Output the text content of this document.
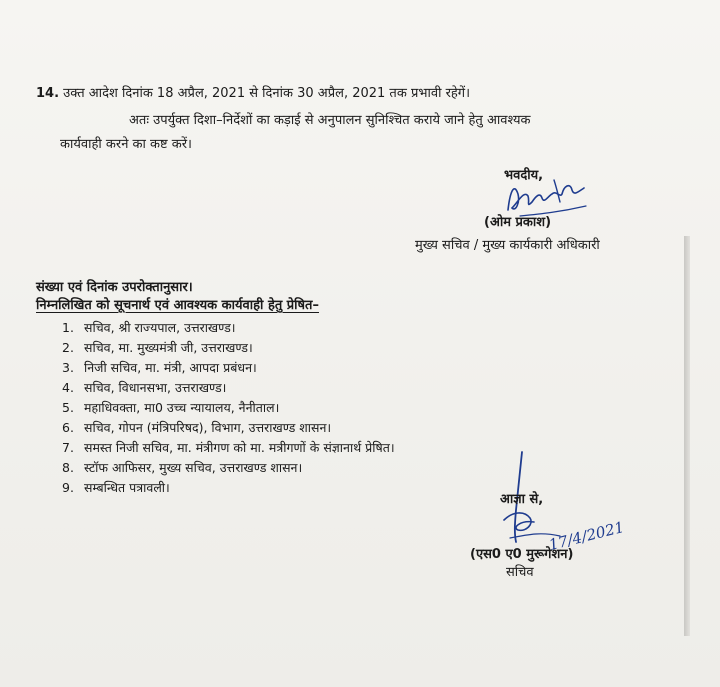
14. उक्त आदेश दिनांक 18 अप्रैल, 2021 से दिनांक 30 अप्रैल, 2021 तक प्रभावी रहेगें।
अतः उपर्युक्त दिशा–निर्देशों का कड़ाई से अनुपालन सुनिश्चित कराये जाने हेतु आवश्यक
कार्यवाही करने का कष्ट करें।
भवदीय,
(ओम प्रकाश)
मुख्य सचिव / मुख्य कार्यकारी अधिकारी
संख्या एवं दिनांक उपरोक्तानुसार।
निम्नलिखित को सूचनार्थ एवं आवश्यक कार्यवाही हेतु प्रेषित–
1. सचिव, श्री राज्यपाल, उत्तराखण्ड।
2. सचिव, मा. मुख्यमंत्री जी, उत्तराखण्ड।
3. निजी सचिव, मा. मंत्री, आपदा प्रबंधन।
4. सचिव, विधानसभा, उत्तराखण्ड।
5. महाधिवक्ता, मा0 उच्च न्यायालय, नैनीताल।
6. सचिव, गोपन (मंत्रिपरिषद), विभाग, उत्तराखण्ड शासन।
7. समस्त निजी सचिव, मा. मंत्रीगण को मा. मत्रीगणों के संज्ञानार्थ प्रेषित।
8. स्टॉफ आफिसर, मुख्य सचिव, उत्तराखण्ड शासन।
9. सम्बन्धित पत्रावली।
17/4/2021
आज्ञा से,
(एस0 ए0 मुरूगेशन)
सचिव
